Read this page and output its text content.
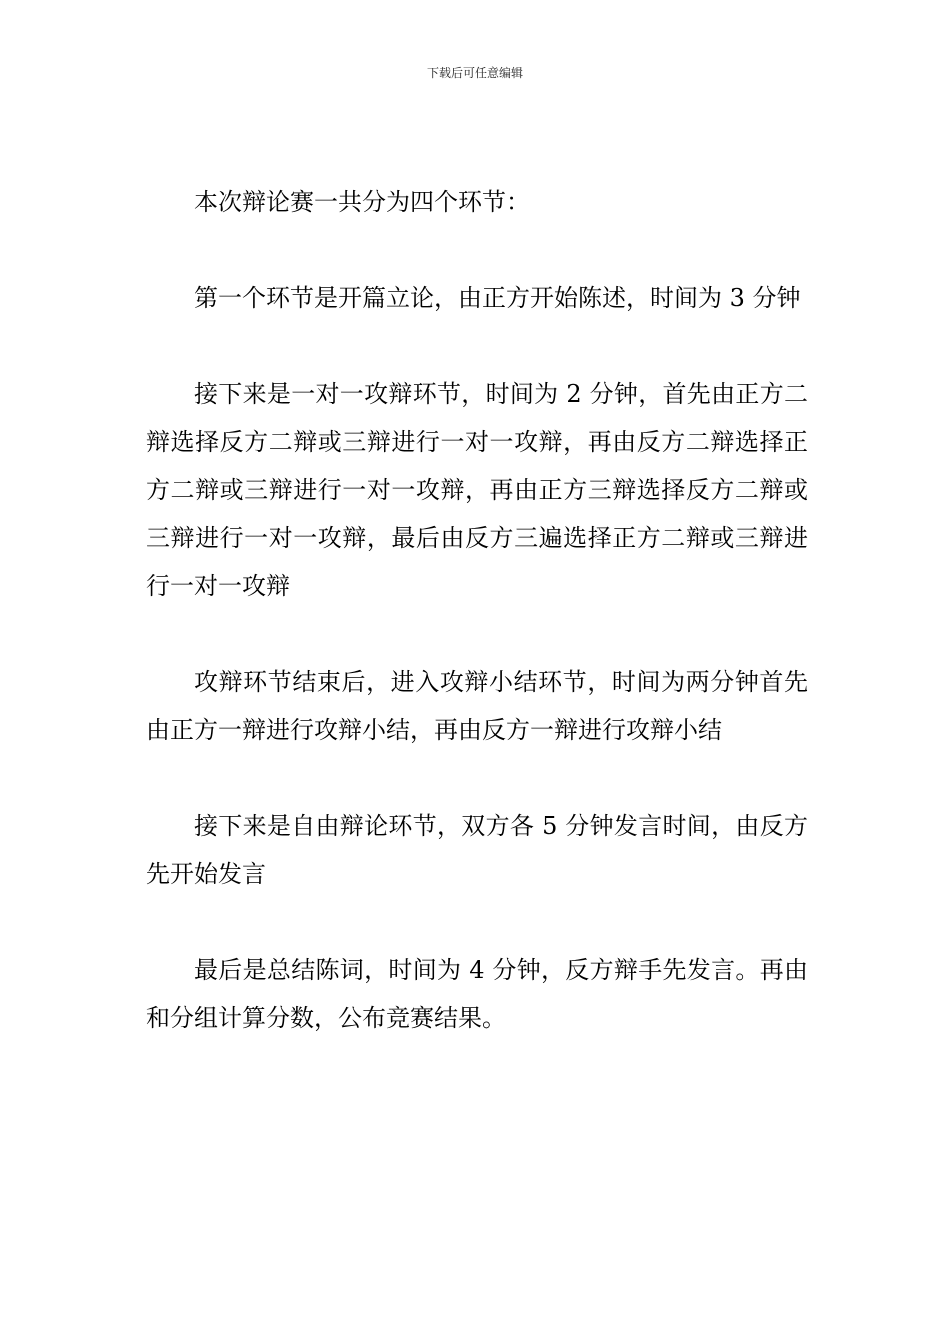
下载后可任意编辑

本次辩论赛一共分为四个环节：

第一个环节是开篇立论，由正方开始陈述，时间为 3 分钟

接下来是一对一攻辩环节，时间为 2 分钟，首先由正方二辩选择反方二辩或三辩进行一对一攻辩，再由反方二辩选择正方二辩或三辩进行一对一攻辩，再由正方三辩选择反方二辩或三辩进行一对一攻辩，最后由反方三遍选择正方二辩或三辩进行一对一攻辩

攻辩环节结束后，进入攻辩小结环节，时间为两分钟首先由正方一辩进行攻辩小结，再由反方一辩进行攻辩小结

接下来是自由辩论环节，双方各 5 分钟发言时间，由反方先开始发言

最后是总结陈词，时间为 4 分钟，反方辩手先发言。再由和分组计算分数，公布竞赛结果。
